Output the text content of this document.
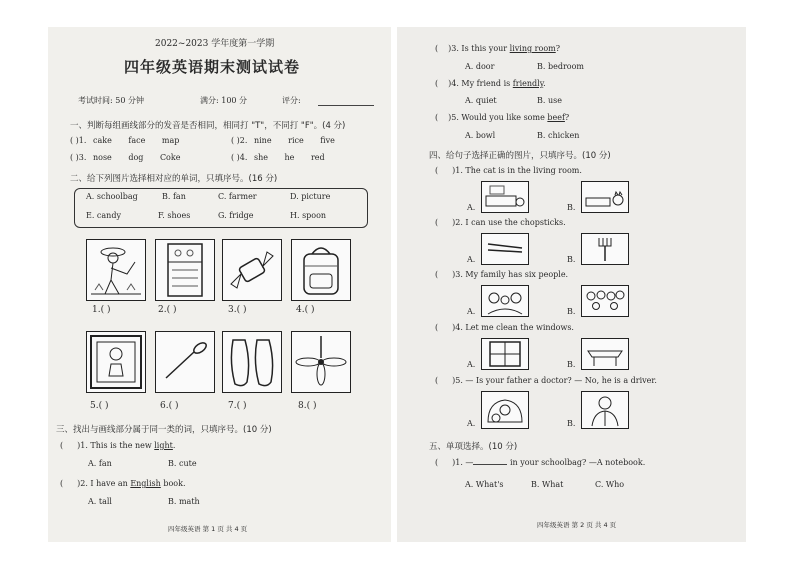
2022~2023 学年度第一学期
四年级英语期末测试试卷
考试时间: 50 分钟	满分: 100 分	评分:
一、判断每组画线部分的发音是否相同，相同打 "T"，不同打 "F"。(4 分)
( )1. cake face map	( )2. nine rice five
( )3. nose dog Coke	( )4. she he red
二、给下列图片选择相对应的单词，只填序号。(16 分)
A. schoolbag	B. fan	C. farmer	D. picture
E. candy	F. shoes	G. fridge	H. spoon
1.( )	2.( )	3.( )	4.( )
5.( )	6.( )	7.( )	8.( )
三、找出与画线部分属于同一类的词，只填序号。(10 分)
( )1. This is the new light.
A. fan	B. cute
( )2. I have an English book.
A. tall	B. math
四年级英语 第 1 页 共 4 页
( )3. Is this your living room?
A. door	B. bedroom
( )4. My friend is friendly.
A. quiet	B. use
( )5. Would you like some beef?
A. bowl	B. chicken
四、给句子选择正确的图片，只填序号。(10 分)
( )1. The cat is in the living room.
A.	B.
( )2. I can use the chopsticks.
A.	B.
( )3. My family has six people.
A.	B.
( )4. Let me clean the windows.
A.	B.
( )5. — Is your father a doctor? — No, he is a driver.
A.	B.
五、单项选择。(10 分)
( )1. —	in your schoolbag? —A notebook.
A. What's	B. What	C. Who
四年级英语 第 2 页 共 4 页
